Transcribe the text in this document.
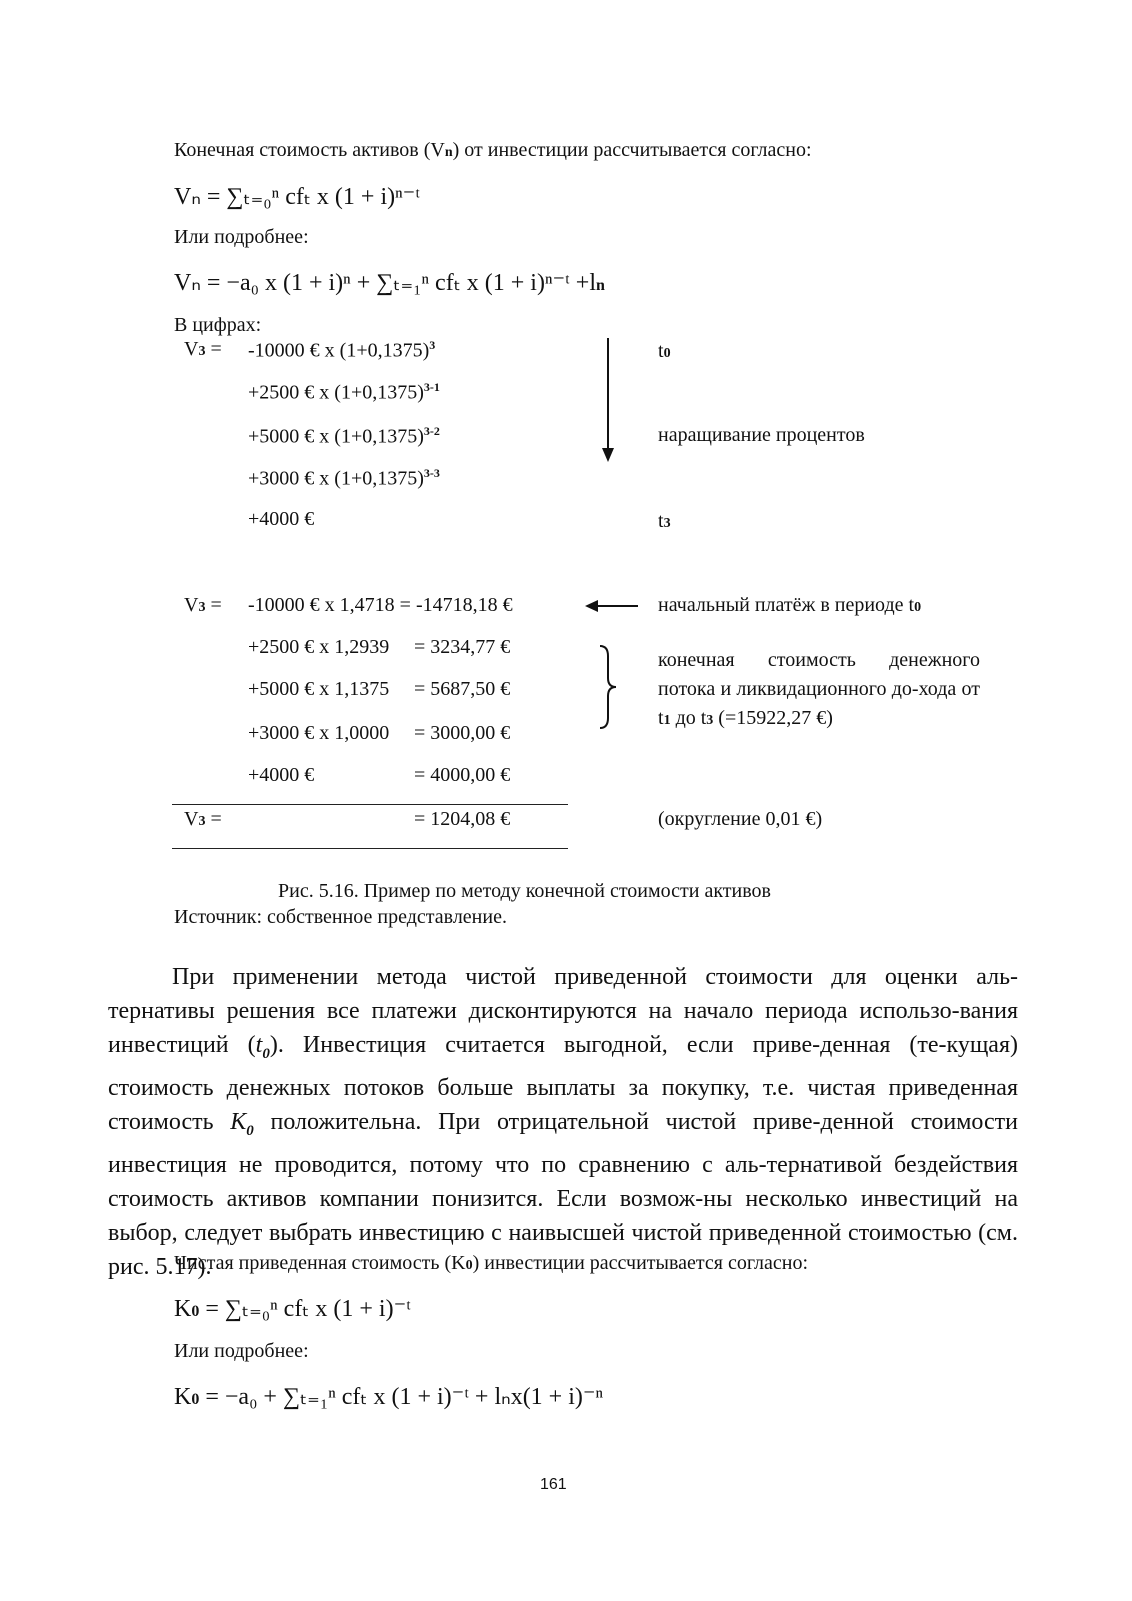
Конечная стоимость активов (Vn) от инвестиции рассчитывается согласно:
Vₙ = ∑ₜ₌₀ⁿ cfₜ x (1 + i)ⁿ⁻ᵗ
Или подробнее:
Vₙ = −a₀ x (1 + i)ⁿ + ∑ₜ₌₁ⁿ cfₜ x (1 + i)ⁿ⁻ᵗ +ln
В цифрах:
V3 = -10000 € x $(1+0,1375)^3$
+2500 € x $(1+0,1375)^{3-1}$
+5000 € x $(1+0,1375)^{3-2}$
+3000 € x $(1+0,1375)^{3-3}$
+4000 €
t0
наращивание процентов
t3
V3 = -10000 € x 1,4718 = -14718,18 €
+2500 € x 1,2939 = 3234,77 €
+5000 € x 1,1375 = 5687,50 €
+3000 € x 1,0000 = 3000,00 €
+4000 €	= 4000,00 €
начальный платёж в периоде t0
конечная стоимость денежного потока и ликвидационного до-хода от t1 до t3 (=15922,27 €)
V3 =	= 1204,08 €	(округление 0,01 €)
Рис. 5.16. Пример по методу конечной стоимости активов
Источник: собственное представление.

При применении метода чистой приведенной стоимости для оценки аль-тернативы решения все платежи дисконтируются на начало периода использо-вания инвестиций $(t_0)$. Инвестиция считается выгодной, если приве-денная (те-кущая) стоимость денежных потоков больше выплаты за покупку, т.е. чистая приведенная стоимость $K_0$ положительна. При отрицательной чистой приве-денной стоимости инвестиция не проводится, потому что по сравнению с аль-тернативой бездействия стоимость активов компании понизится. Если возмож-ны несколько инвестиций на выбор, следует выбрать инвестицию с наивысшей чистой приведенной стоимостью (см. рис. 5.17).

Чистая приведенная стоимость (K0) инвестиции рассчитывается согласно:
K0 = ∑ₜ₌₀ⁿ cfₜ x (1 + i)⁻ᵗ
Или подробнее:
K0 = −a₀ + ∑ₜ₌₁ⁿ cfₜ x (1 + i)⁻ᵗ + lₙx(1 + i)⁻ⁿ
161
